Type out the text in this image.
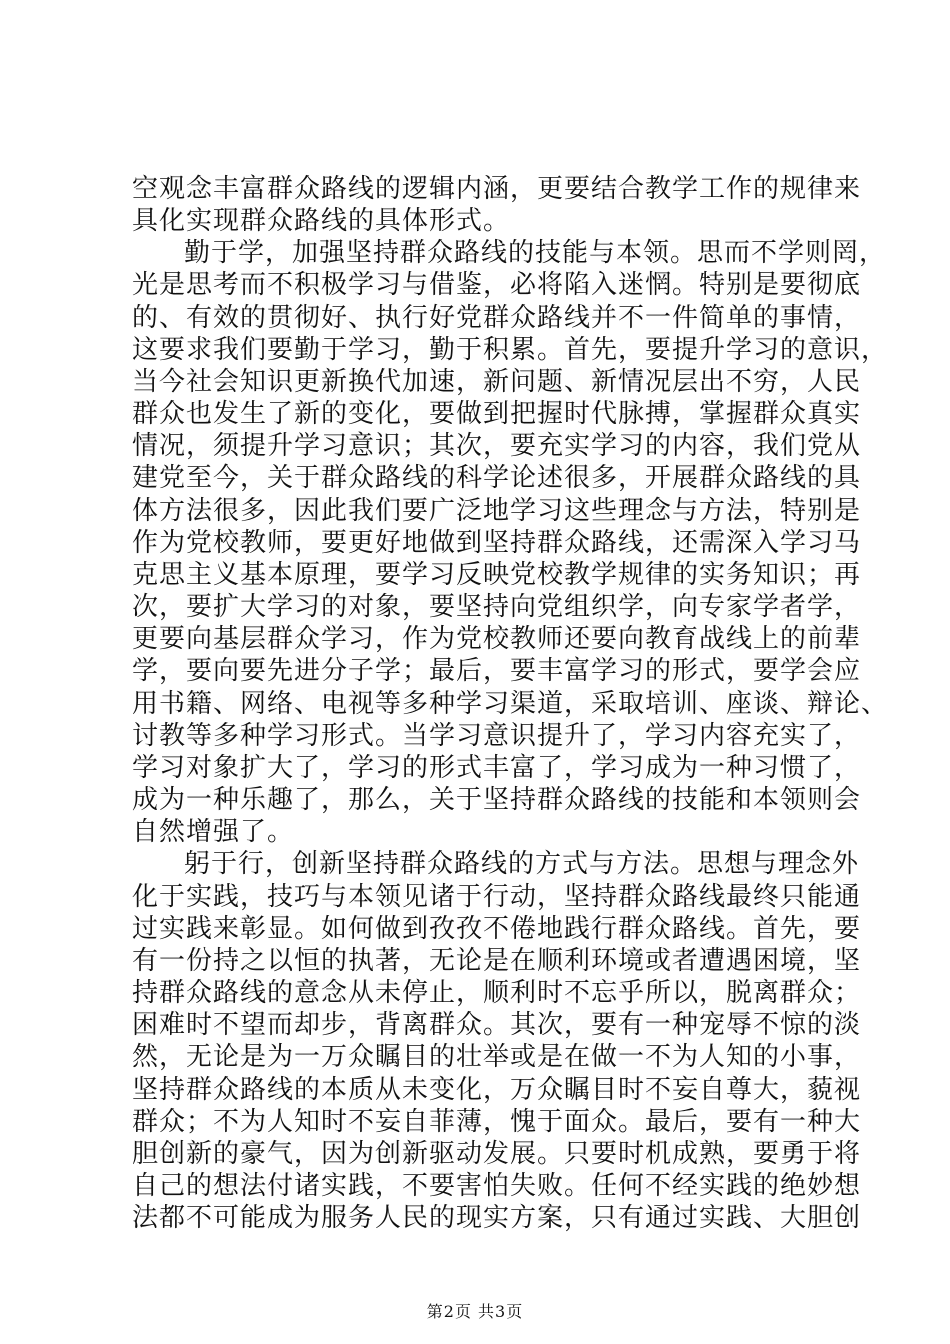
空观念丰富群众路线的逻辑内涵，更要结合教学工作的规律来
具化实现群众路线的具体形式。
勤于学，加强坚持群众路线的技能与本领。思而不学则罔，
光是思考而不积极学习与借鉴，必将陷入迷惘。特别是要彻底
的、有效的贯彻好、执行好党群众路线并不一件简单的事情，
这要求我们要勤于学习，勤于积累。首先，要提升学习的意识，
当今社会知识更新换代加速，新问题、新情况层出不穷，人民
群众也发生了新的变化，要做到把握时代脉搏，掌握群众真实
情况，须提升学习意识；其次，要充实学习的内容，我们党从
建党至今，关于群众路线的科学论述很多，开展群众路线的具
体方法很多，因此我们要广泛地学习这些理念与方法，特别是
作为党校教师，要更好地做到坚持群众路线，还需深入学习马
克思主义基本原理，要学习反映党校教学规律的实务知识；再
次，要扩大学习的对象，要坚持向党组织学，向专家学者学，
更要向基层群众学习，作为党校教师还要向教育战线上的前辈
学，要向要先进分子学；最后，要丰富学习的形式，要学会应
用书籍、网络、电视等多种学习渠道，采取培训、座谈、辩论、
讨教等多种学习形式。当学习意识提升了，学习内容充实了，
学习对象扩大了，学习的形式丰富了，学习成为一种习惯了，
成为一种乐趣了，那么，关于坚持群众路线的技能和本领则会
自然增强了。
躬于行，创新坚持群众路线的方式与方法。思想与理念外
化于实践，技巧与本领见诸于行动，坚持群众路线最终只能通
过实践来彰显。如何做到孜孜不倦地践行群众路线。首先，要
有一份持之以恒的执著，无论是在顺利环境或者遭遇困境，坚
持群众路线的意念从未停止，顺利时不忘乎所以，脱离群众；
困难时不望而却步，背离群众。其次，要有一种宠辱不惊的淡
然，无论是为一万众瞩目的壮举或是在做一不为人知的小事，
坚持群众路线的本质从未变化，万众瞩目时不妄自尊大，藐视
群众；不为人知时不妄自菲薄，愧于面众。最后，要有一种大
胆创新的豪气，因为创新驱动发展。只要时机成熟，要勇于将
自己的想法付诸实践，不要害怕失败。任何不经实践的绝妙想
法都不可能成为服务人民的现实方案，只有通过实践、大胆创
第2页 共3页
